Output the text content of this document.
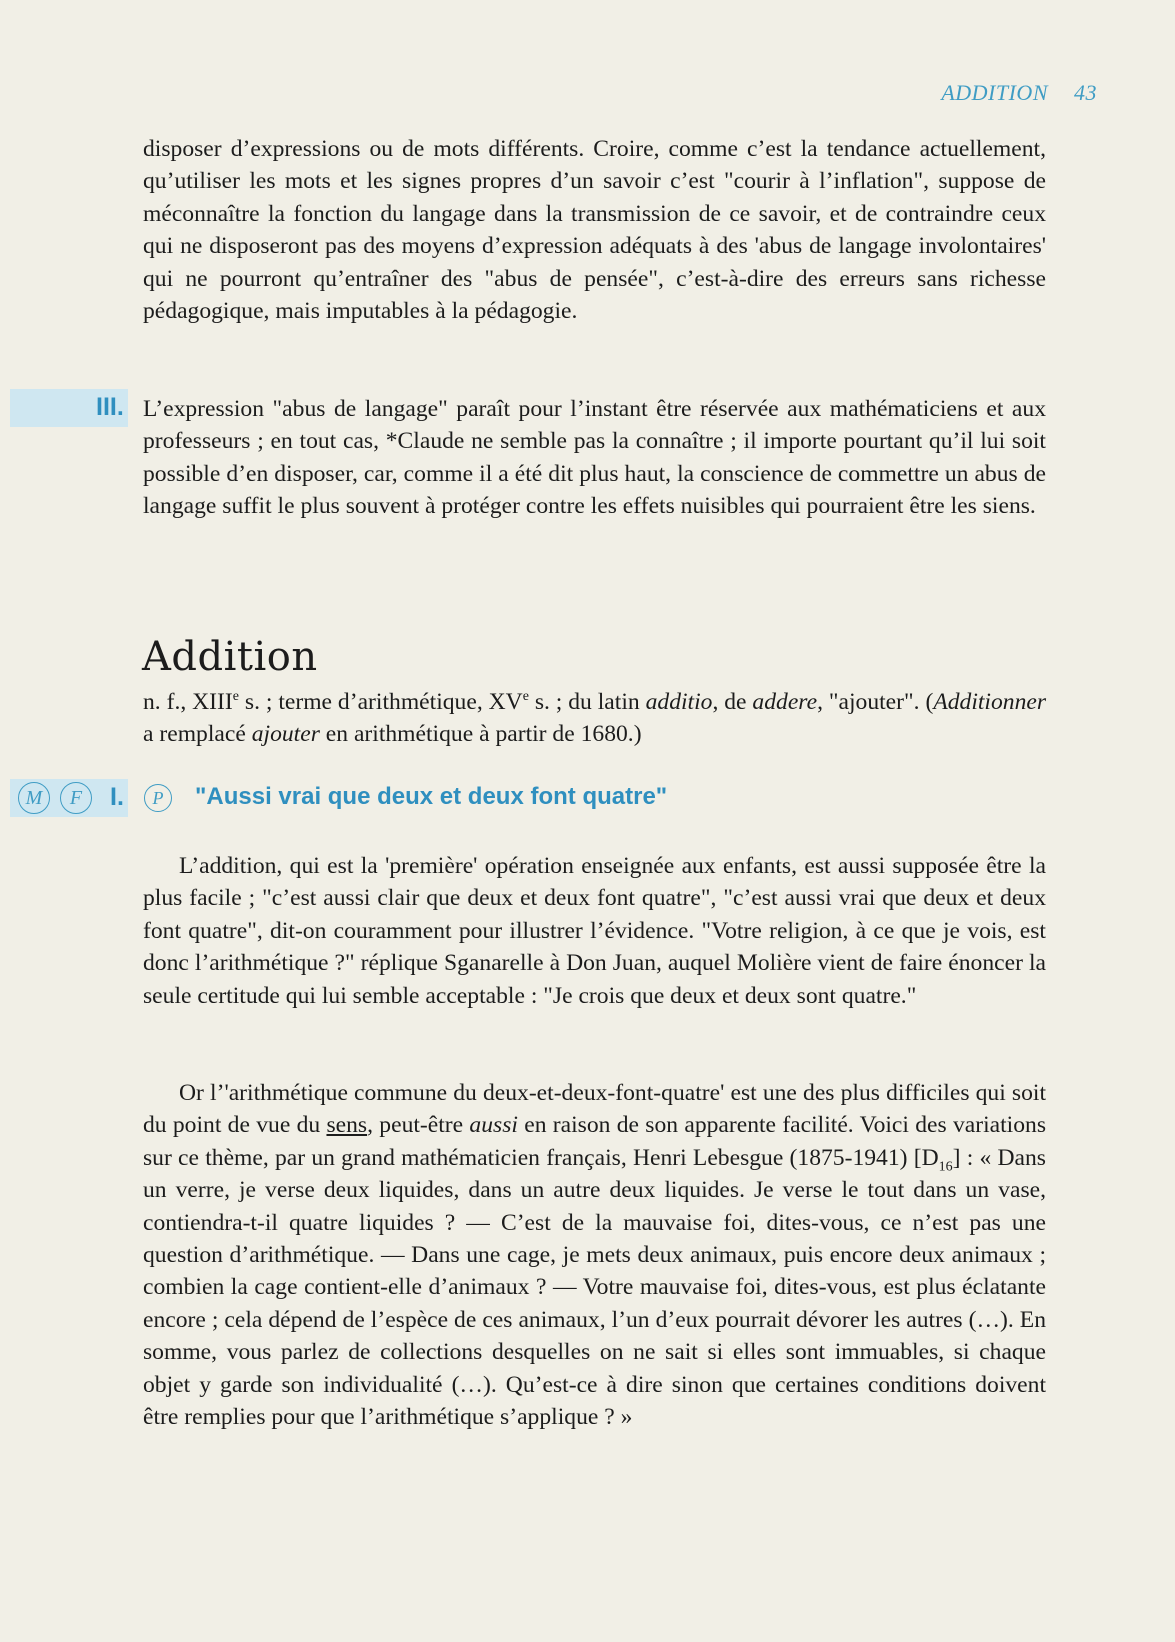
ADDITION 43

disposer d’expressions ou de mots différents. Croire, comme c’est la tendance actuellement, qu’utiliser les mots et les signes propres d’un savoir c’est "courir à l’inflation", suppose de méconnaître la fonction du langage dans la transmission de ce savoir, et de contraindre ceux qui ne disposeront pas des moyens d’expression adéquats à des 'abus de langage involontaires' qui ne pourront qu’entraîner des "abus de pensée", c’est-à-dire des erreurs sans richesse pédagogique, mais imputables à la pédagogie.

III. L’expression "abus de langage" paraît pour l’instant être réservée aux mathématiciens et aux professeurs ; en tout cas, *Claude ne semble pas la connaître ; il importe pourtant qu’il lui soit possible d’en disposer, car, comme il a été dit plus haut, la conscience de commettre un abus de langage suffit le plus souvent à protéger contre les effets nuisibles qui pourraient être les siens.

Addition

n. f., XIIIe s. ; terme d’arithmétique, XVe s. ; du latin additio, de addere, "ajouter". (Additionner a remplacé ajouter en arithmétique à partir de 1680.)

M	F	I.	P	"Aussi vrai que deux et deux font quatre"

L’addition, qui est la 'première' opération enseignée aux enfants, est aussi supposée être la plus facile ; "c’est aussi clair que deux et deux font quatre", "c’est aussi vrai que deux et deux font quatre", dit-on couramment pour illustrer l’évidence. "Votre religion, à ce que je vois, est donc l’arithmétique ?" réplique Sganarelle à Don Juan, auquel Molière vient de faire énoncer la seule certitude qui lui semble acceptable : "Je crois que deux et deux sont quatre."

Or l’'arithmétique commune du deux-et-deux-font-quatre' est une des plus difficiles qui soit du point de vue du sens, peut-être aussi en raison de son apparente facilité. Voici des variations sur ce thème, par un grand mathématicien français, Henri Lebesgue (1875-1941) $[D_{16}]$ : « Dans un verre, je verse deux liquides, dans un autre deux liquides. Je verse le tout dans un vase, contiendra-t-il quatre liquides ? — C’est de la mauvaise foi, dites-vous, ce n’est pas une question d’arithmétique. — Dans une cage, je mets deux animaux, puis encore deux animaux ; combien la cage contient-elle d’animaux ? — Votre mauvaise foi, dites-vous, est plus éclatante encore ; cela dépend de l’espèce de ces animaux, l’un d’eux pourrait dévorer les autres (…). En somme, vous parlez de collections desquelles on ne sait si elles sont immuables, si chaque objet y garde son individualité (…). Qu’est-ce à dire sinon que certaines conditions doivent être remplies pour que l’arithmétique s’applique ? »
